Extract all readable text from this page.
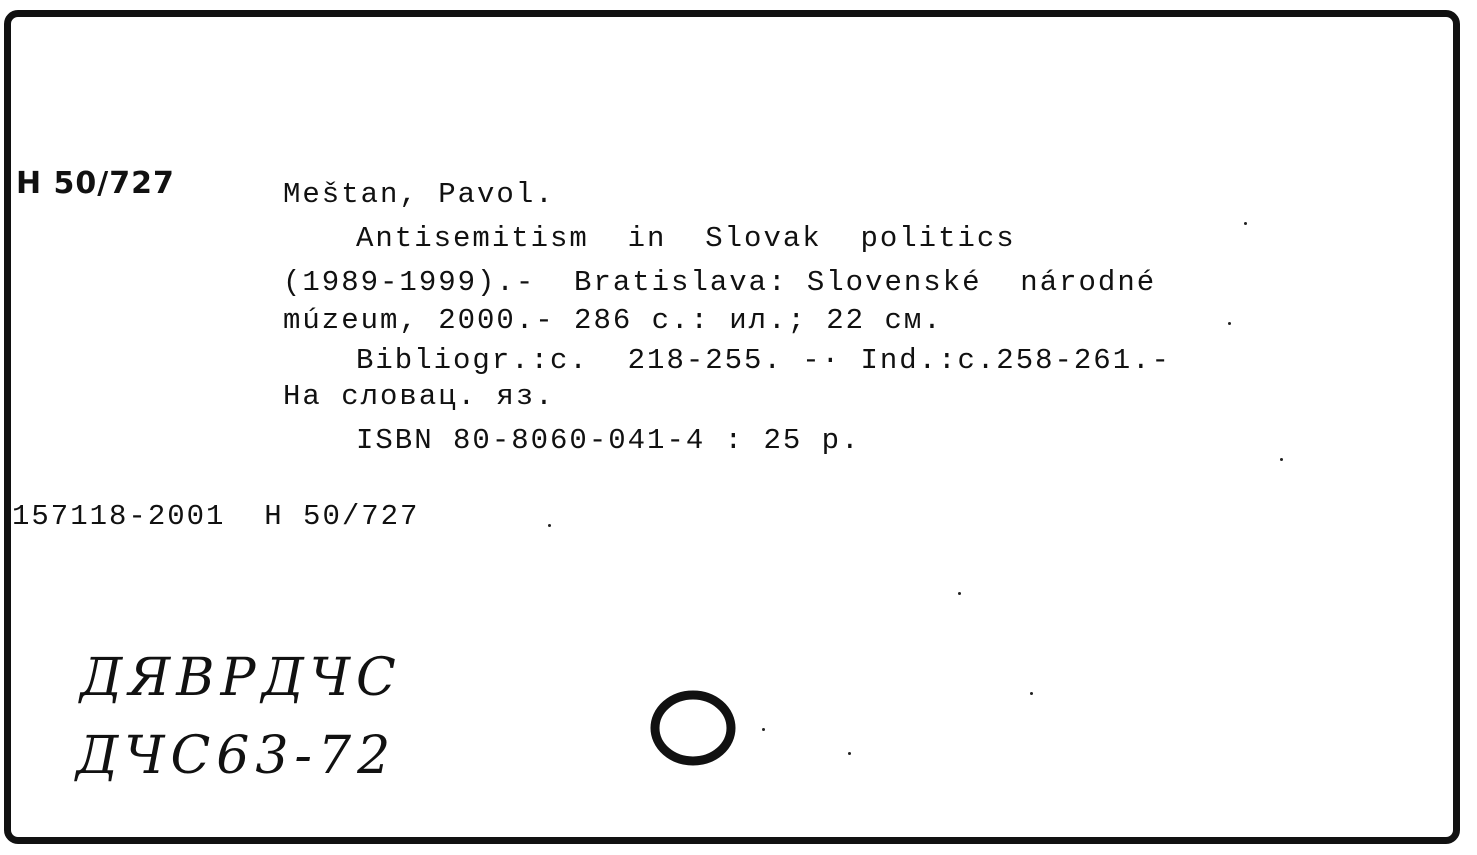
H 50/727	Meštan, Pavol.
Antisemitism  in  Slovak  politics
(1989-1999).-  Bratislava: Slovenské  národné
múzeum, 2000.- 286 с.: ил.; 22 см.
Bibliogr.:c.  218-255. -· Ind.:c.258-261.-
На словац. яз.
ISBN 80-8060-041-4 : 25 р.
157118-2001  H 50/727
ДЯВРДЧС
ДЧС63-72
